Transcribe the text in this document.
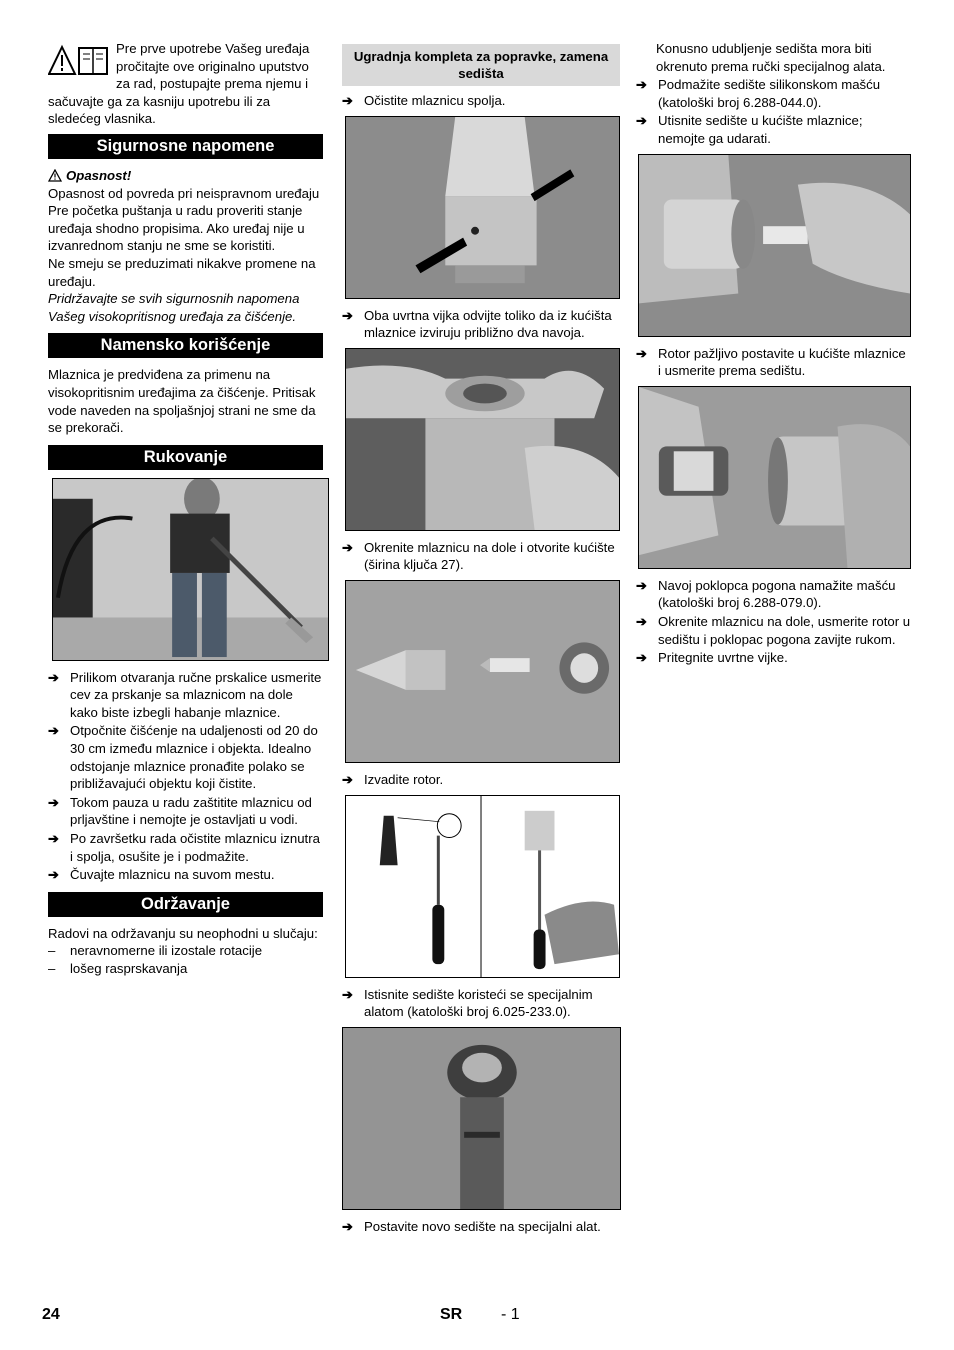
Pre prve upotrebe Vašeg uređaja pročitajte ove originalno uputstvo za rad, postupajte prema njemu i sačuvajte ga za kasniju upotrebu ili za sledećeg vlasnika.

Sigurnosne napomene
Opasnost!

Opasnost od povreda pri neispravnom uređaju Pre početka puštanja u radu proveriti stanje uređaja shodno propisima. Ako uređaj nije u izvanrednom stanju ne sme se koristiti.

Ne smeju se preduzimati nikakve promene na uređaju.

Pridržavajte se svih sigurnosnih napomena Vašeg visokopritisnog uređaja za čišćenje.

Namensko korišćenje

Mlaznica je predviđena za primenu na visokopritisnim uređajima za čišćenje. Pritisak vode naveden na spoljašnjoj strani ne sme da se prekorači.

Rukovanje
➔ Prilikom otvaranja ručne prskalice usmerite cev za prskanje sa mlaznicom na dole kako biste izbegli habanje mlaznice.
➔ Otpočnite čišćenje na udaljenosti od 20 do 30 cm između mlaznice i objekta. Idealno odstojanje mlaznice pronađite polako se približavajući objektu koji čistite.
➔ Tokom pauza u radu zaštitite mlaznicu od prljavštine i nemojte je ostavljati u vodi.
➔ Po završetku rada očistite mlaznicu iznutra i spolja, osušite je i podmažite.
➔ Čuvajte mlaznicu na suvom mestu.
Održavanje

Radovi na održavanju su neophodni u slučaju:

–	neravnomerne ili izostale rotacije
–	lošeg rasprskavanja
Ugradnja kompleta za popravke, zamena sedišta
➔ Očistite mlaznicu spolja.
➔ Oba uvrtna vijka odvijte toliko da iz kućišta mlaznice izviruju približno dva navoja.
➔ Okrenite mlaznicu na dole i otvorite kućište (širina ključa 27).
➔ Izvadite rotor.
➔ Istisnite sedište koristeći se specijalnim alatom (katološki broj 6.025-233.0).
➔ Postavite novo sedište na specijalni alat.

Konusno udubljenje sedišta mora biti okrenuto prema ručki specijalnog alata.

➔ Podmažite sedište silikonskom mašću (katološki broj 6.288-044.0).
➔ Utisnite sedište u kućište mlaznice; nemojte ga udarati.
➔ Rotor pažljivo postavite u kućište mlaznice i usmerite prema sedištu.
➔ Navoj poklopca pogona namažite mašću (katološki broj 6.288-079.0).
➔ Okrenite mlaznicu na dole, usmerite rotor u sedištu i poklopac pogona zavijte rukom.
➔ Pritegnite uvrtne vijke.
24	SR - 1
